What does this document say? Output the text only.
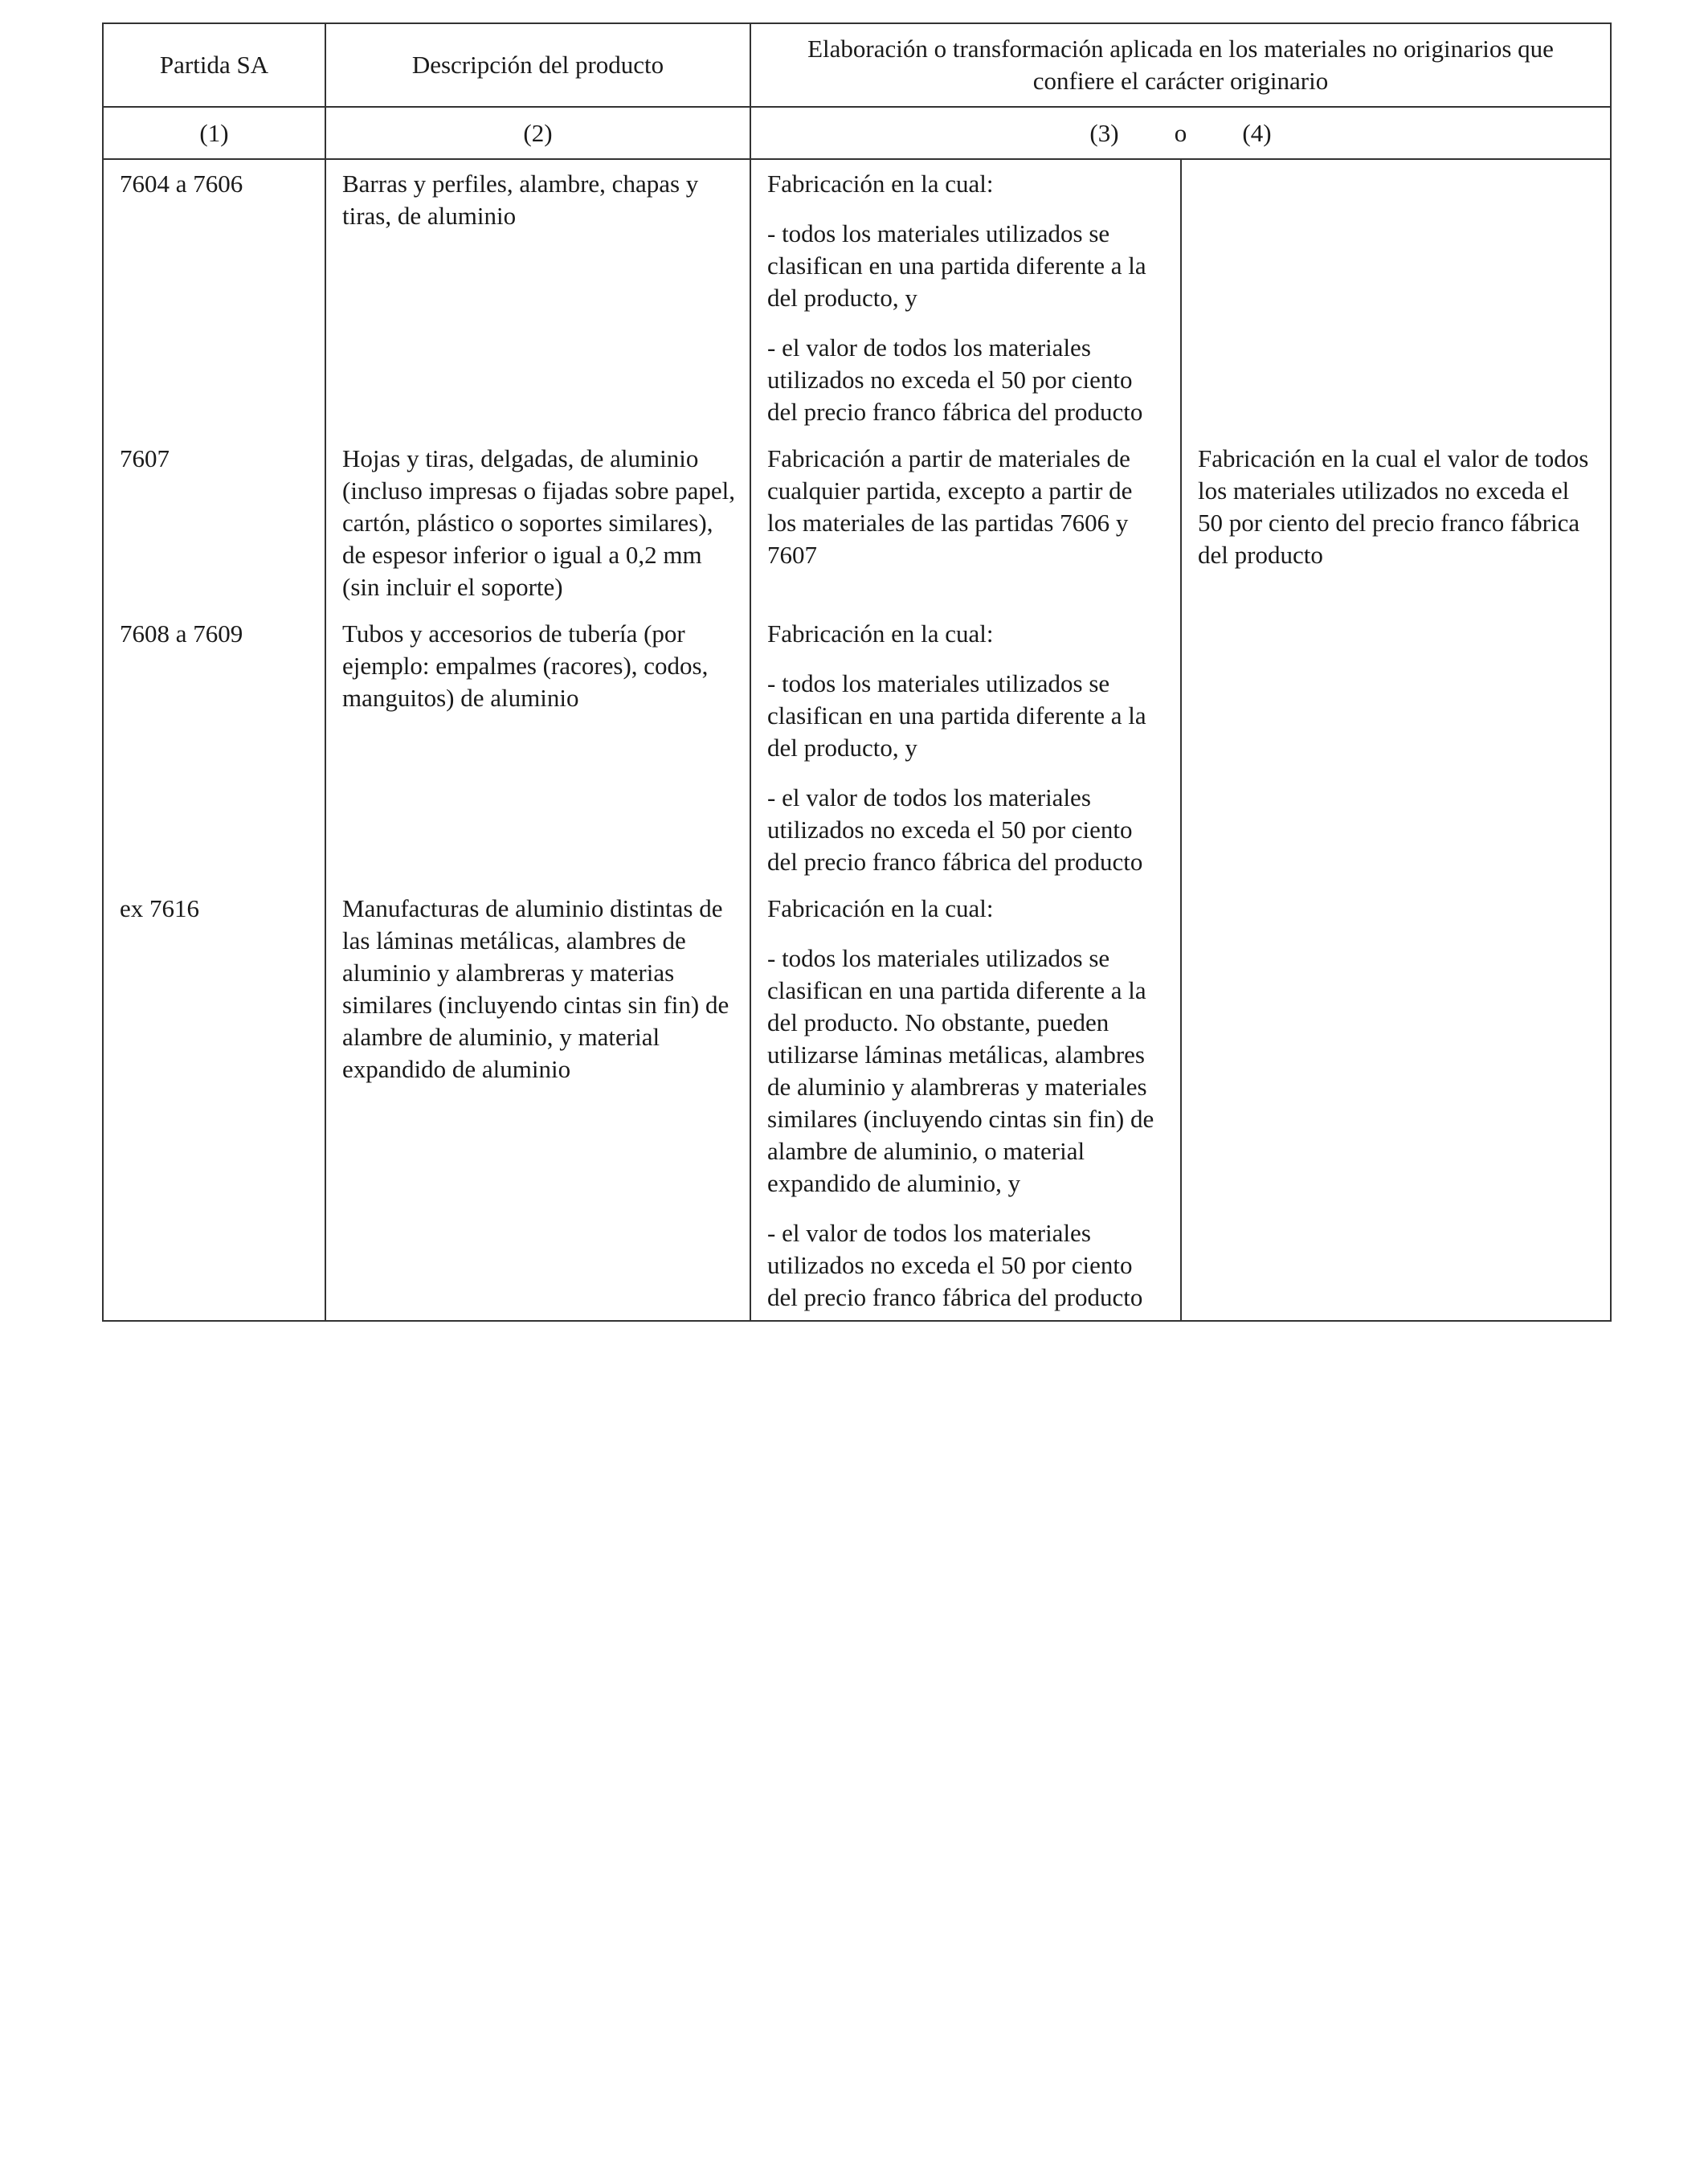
Partida SA	Descripción del producto	Elaboración o transformación aplicada en los materiales no originarios que confiere el carácter originario	
(1)	(2)	(3) o (4)	

7604 a 7606	Barras y perfiles, alambre, chapas y tiras, de aluminio	Fabricación en la cual:

- todos los materiales utilizados se clasifican en una partida diferente a la del producto, y

- el valor de todos los materiales utilizados no exceda el 50 por ciento del precio franco fábrica del producto	

7607	Hojas y tiras, delgadas, de aluminio (incluso impresas o fijadas sobre papel, cartón, plástico o soportes similares), de espesor inferior o igual a 0,2 mm (sin incluir el soporte)	Fabricación a partir de materiales de cualquier partida, excepto a partir de los materiales de las partidas 7606 y 7607	Fabricación en la cual el valor de todos los materiales utilizados no exceda el 50 por ciento del precio franco fábrica del producto
7608 a 7609	Tubos y accesorios de tubería (por ejemplo: empalmes (racores), codos, manguitos) de aluminio	Fabricación en la cual:

- todos los materiales utilizados se clasifican en una partida diferente a la del producto, y

- el valor de todos los materiales utilizados no exceda el 50 por ciento del precio franco fábrica del producto	

ex 7616	Manufacturas de aluminio distintas de las láminas metálicas, alambres de aluminio y alambreras y materias similares (incluyendo cintas sin fin) de alambre de aluminio, y material expandido de aluminio	Fabricación en la cual:

- todos los materiales utilizados se clasifican en una partida diferente a la del producto. No obstante, pueden utilizarse láminas metálicas, alambres de aluminio y alambreras y materiales similares (incluyendo cintas sin fin) de alambre de aluminio, o material expandido de aluminio, y

- el valor de todos los materiales utilizados no exceda el 50 por ciento del precio franco fábrica del producto	
